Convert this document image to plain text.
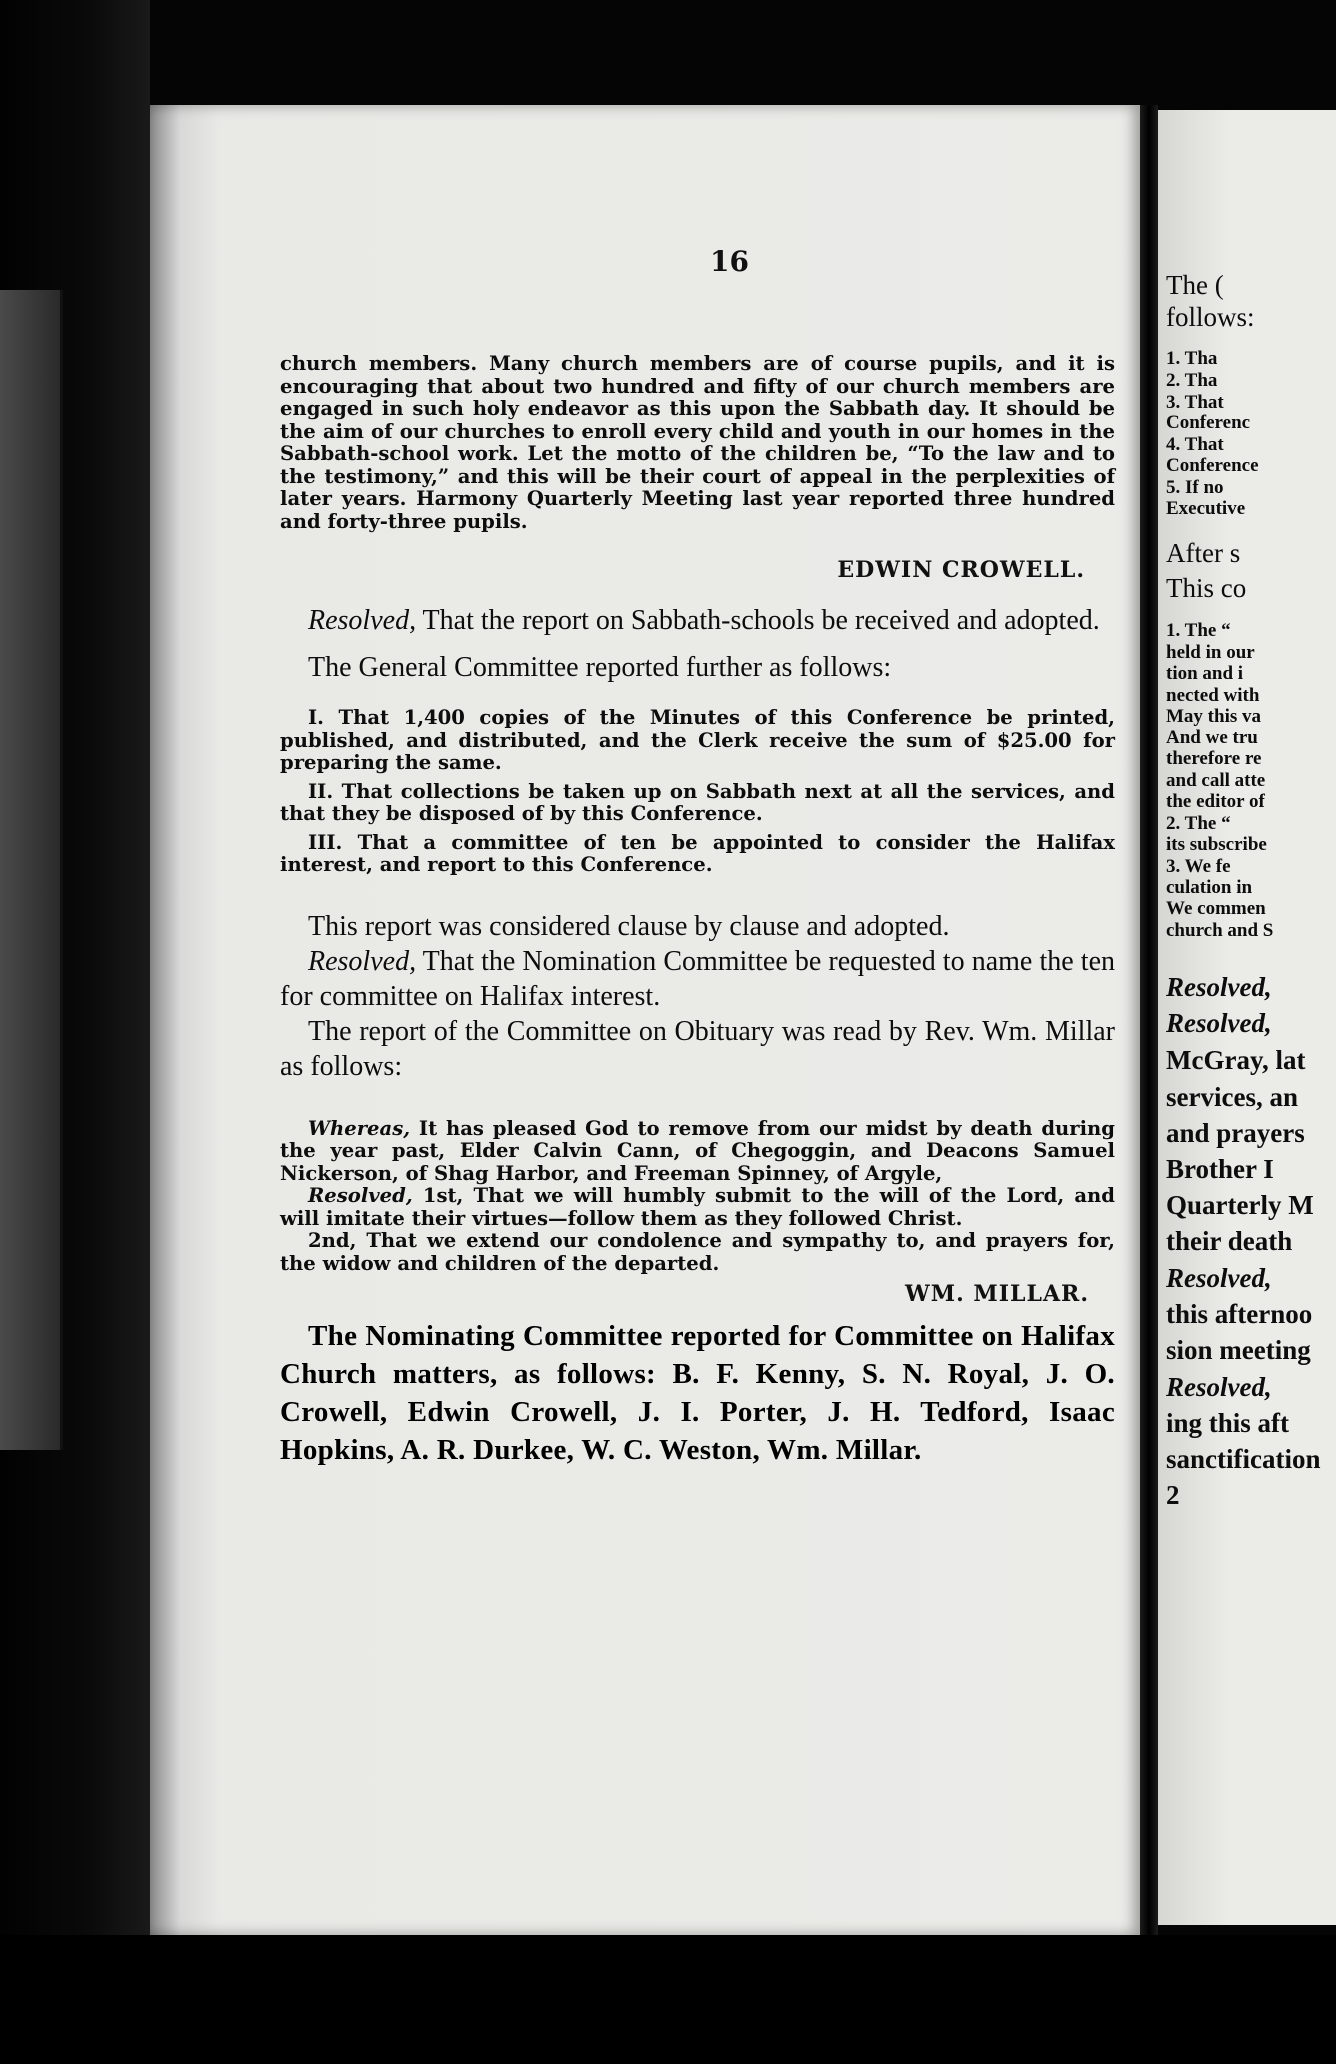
16

church members. Many church members are of course pupils, and it is encouraging that about two hundred and fifty of our church members are engaged in such holy endeavor as this upon the Sabbath day. It should be the aim of our churches to enroll every child and youth in our homes in the Sabbath-school work. Let the motto of the children be, “To the law and to the testimony,” and this will be their court of appeal in the perplexities of later years. Harmony Quarterly Meeting last year reported three hundred and forty-three pupils.

EDWIN CROWELL.

Resolved, That the report on Sabbath-schools be received and adopted.

The General Committee reported further as follows:

I. That 1,400 copies of the Minutes of this Conference be printed, published, and distributed, and the Clerk receive the sum of $25.00 for preparing the same.

II. That collections be taken up on Sabbath next at all the services, and that they be disposed of by this Conference.

III. That a committee of ten be appointed to consider the Halifax interest, and report to this Conference.

This report was considered clause by clause and adopted.

Resolved, That the Nomination Committee be requested to name the ten for committee on Halifax interest.

The report of the Committee on Obituary was read by Rev. Wm. Millar as follows:

Whereas, It has pleased God to remove from our midst by death during the year past, Elder Calvin Cann, of Chegoggin, and Deacons Samuel Nickerson, of Shag Harbor, and Freeman Spinney, of Argyle,

Resolved, 1st, That we will humbly submit to the will of the Lord, and will imitate their virtues—follow them as they followed Christ.

2nd, That we extend our condolence and sympathy to, and prayers for, the widow and children of the departed.

WM. MILLAR.

The Nominating Committee reported for Committee on Halifax Church matters, as follows: B. F. Kenny, S. N. Royal, J. O. Crowell, Edwin Crowell, J. I. Porter, J. H. Tedford, Isaac Hopkins, A. R. Durkee, W. C. Weston, Wm. Millar.

The (
follows:
1. Tha
2. Tha
3. That
Conferenc
4. That
Conference
5. If no
Executive
After s
This co
1. The “
held in our
tion and i
nected with
May this va
And we tru
therefore re
and call atte
the editor of
2. The “
its subscribe
3. We fe
culation in
We commen
church and S
Resolved,
Resolved,
McGray, lat
services, an
and prayers
Brother I
Quarterly M
their death
Resolved,
this afternoo
sion meeting
Resolved,
ing this aft
sanctification
2
